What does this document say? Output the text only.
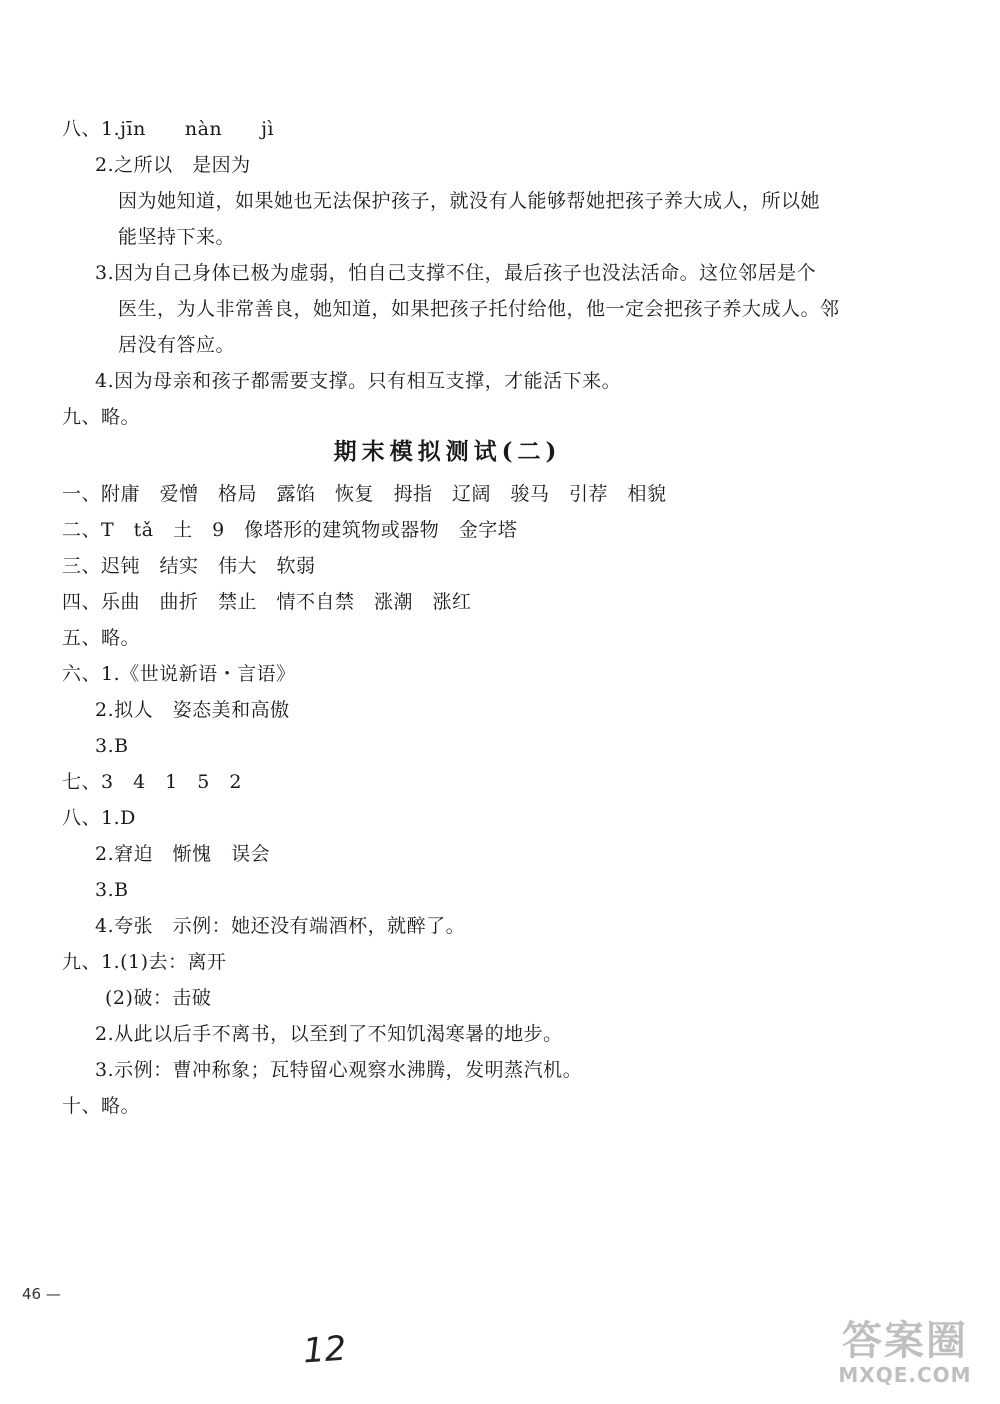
八、1.jīn　　nàn　　jì
2.之所以　是因为
因为她知道，如果她也无法保护孩子，就没有人能够帮她把孩子养大成人，所以她
能坚持下来。
3.因为自己身体已极为虚弱，怕自己支撑不住，最后孩子也没法活命。这位邻居是个
医生，为人非常善良，她知道，如果把孩子托付给他，他一定会把孩子养大成人。邻
居没有答应。
4.因为母亲和孩子都需要支撑。只有相互支撑，才能活下来。
九、略。
期末模拟测试(二)
一、附庸　爱憎　格局　露馅　恢复　拇指　辽阔　骏马　引荐　相貌
二、T　tǎ　土　9　像塔形的建筑物或器物　金字塔
三、迟钝　结实　伟大　软弱
四、乐曲　曲折　禁止　情不自禁　涨潮　涨红
五、略。
六、1.《世说新语・言语》
2.拟人　姿态美和高傲
3.B
七、3　4　1　5　2
八、1.D
2.窘迫　惭愧　误会
3.B
4.夸张　示例：她还没有端酒杯，就醉了。
九、1.(1)去：离开
(2)破：击破
2.从此以后手不离书，以至到了不知饥渴寒暑的地步。
3.示例：曹冲称象；瓦特留心观察水沸腾，发明蒸汽机。
十、略。
46 —
12	答案圈
MXQE.COM
